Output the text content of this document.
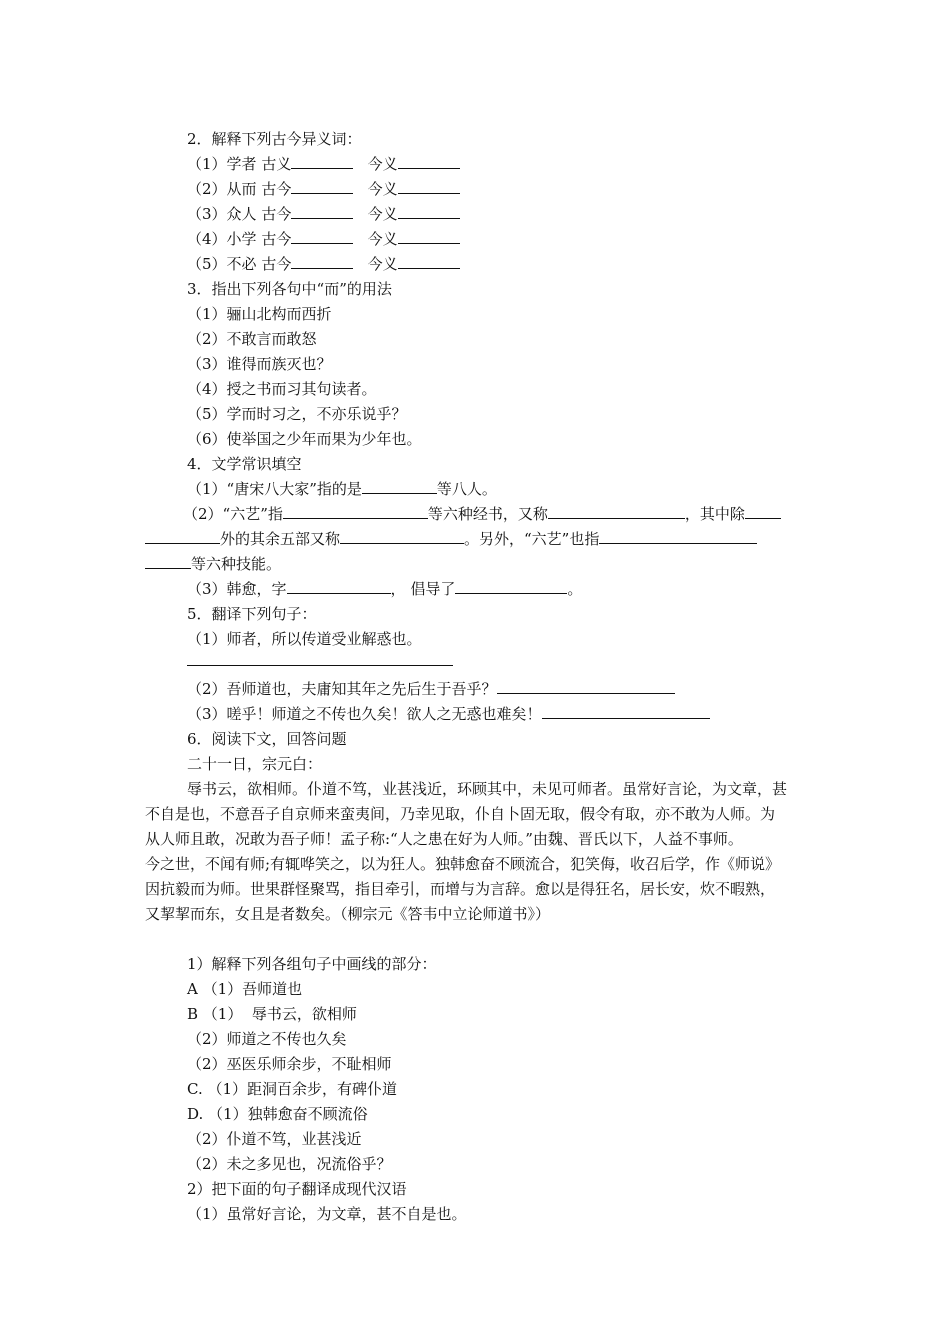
2．解释下列古今异义词：
（1）学者 古义	今义
（2）从而 古今	今义
（3）众人 古今	今义
（4）小学 古今	今义
（5）不必 古今	今义
3．指出下列各句中“而”的用法
（1）骊山北构而西折
（2）不敢言而敢怒
（3）谁得而族灭也？
（4）授之书而习其句读者。
（5）学而时习之，不亦乐说乎？
（6）使举国之少年而果为少年也。
4．文学常识填空
（1）“唐宋八大家”指的是	等八人。
（2）“六艺”指	等六种经书，又称	，其中除
外的其余五部又称	。另外，“六艺”也指
等六种技能。
（3）韩愈，字	， 倡导了	。
5．翻译下列句子：
（1）师者，所以传道受业解惑也。
（2）吾师道也，夫庸知其年之先后生于吾乎？
（3）嗟乎！师道之不传也久矣！欲人之无惑也难矣！
6．阅读下文，回答问题
二十一日，宗元白：
辱书云，欲相师。仆道不笃，业甚浅近，环顾其中，未见可师者。虽常好言论，为文章，甚
不自是也，不意吾子自京师来蛮夷间，乃幸见取，仆自卜固无取，假令有取，亦不敢为人师。为
从人师且敢，况敢为吾子师！孟子称:“人之患在好为人师。”由魏、晋氏以下，人益不事师。
今之世，不闻有师;有辄哗笑之，以为狂人。独韩愈奋不顾流合，犯笑侮，收召后学，作《师说》
因抗毅而为师。世果群怪聚骂，指目牵引，而增与为言辞。愈以是得狂名，居长安，炊不暇熟，
又挈挈而东，女且是者数矣。（柳宗元《答韦中立论师道书》）
1）解释下列各组句子中画线的部分：
A （1）吾师道也
B （1）  辱书云，欲相师
（2）师道之不传也久矣
（2）巫医乐师余步，不耻相师
C. （1）距洞百余步，有碑仆道
D. （1）独韩愈奋不顾流俗
（2）仆道不笃，业甚浅近
（2）未之多见也，况流俗乎？
2）把下面的句子翻译成现代汉语
（1）虽常好言论，为文章，甚不自是也。
